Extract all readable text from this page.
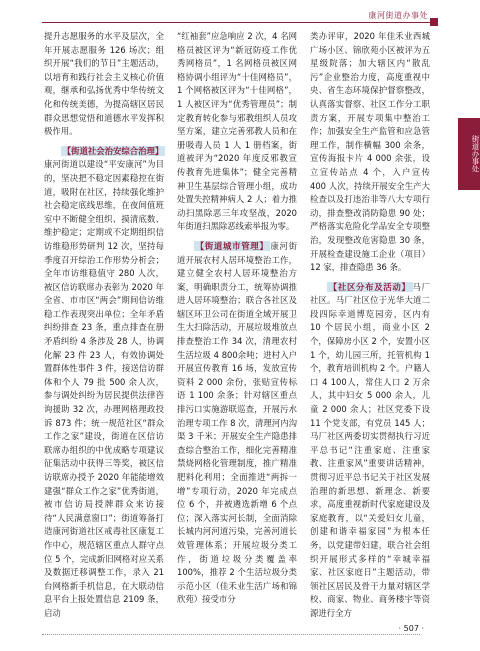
康河街道办事处
街道办事处

提升志愿服务的水平及层次，全年开展志愿服务 126 场次；组织开展“我们的节日”主题活动，以培育和践行社会主义核心价值观，继承和弘扬优秀中华传统文化和传统美德，为提高辖区居民群众思想觉悟和道德水平发挥积极作用。

【街道社会治安综合治理】康河街道以建设“平安康河”为目的，坚决把不稳定因素稳控在街道，吸附在社区，持续强化维护社会稳定底线思维，在夜间值班室中不断健全组织、摸清底数、维护稳定；定期或不定期组织信访维稳形势研判 12 次，坚持每季度召开综治工作形势分析会；全年市访维稳值守 280 人次，被区信访联席办表彰为 2020 年全省、市市区“两会”期间信访维稳工作表现突出单位；全年矛盾纠纷排查 23 条，重点排查在册矛盾纠纷 4 条涉及 28 人，协调化解 23 件 23 人，有效协调处置群体性事件 3 件，接送信访群体和个人 79 批 500 余人次，参与调处纠纷为居民提供法律咨询援助 32 次，办理网格理政投诉 873 件；统一规范社区“群众工作之家”建设，街道在区信访联席办组织的中优成略专项建议征集活动中获得三等奖，被区信访联席办授予 2020 年能能增效建强“群众工作之家”优秀街道，被市信访局授牌群众来访接待“人民满意窗口”；街道筹备打造康河街道社区戒毒社区康复工作中心，规范辖区重点人群守点位 5 个，完成新旧网格对应关系及数据迁移调整工作，录入 21 台网格新手机信息，在大联动信息平台上报处置信息 2109 条，启动

“红袖套”应急响应 2 次，4 名网格员被区评为“新冠防疫工作优秀网格员”，1 名网格员被区网格协调小组评为“十佳网格员”，1 个网格被区评为“十佳网格”，1 人被区评为“优秀管理员”；制定教育转化参与邪教组织人员攻坚方案，建立完善邪教人员和在册吸毒人员 1 人 1 册档案，街道被评为“2020 年度反邪教宣传教育先进集体”；健全完善精神卫生基层综合管理小组，成功处置失控精神病人 2 人；着力推动扫黑除恶三年攻坚战，2020 年街道扫黑除恶线索举报为零。

【街道城市管理】 康河街道开展农村人居环境整治工作，建立健全农村人居环境整治方案，明确职责分工，统筹协调推进人居环境整治；联合各社区及辖区环卫公司在街道全域开展卫生大扫除活动，开展垃圾堆放点排查整治工作 34 次，清理农村生活垃圾 4 800余吨；进村入户开展宣传教育 16 场，发放宣传资料 2 000 余份，张贴宣传标语 1 100 余条；针对辖区重点排污口实施游联巡查，开展污水治理专项工作 8 次，清理河内沟渠 3 千米；开展安全生产隐患排查综合整治工作，细化完善精准禁烧网格化管理制度，推广精准肥料化利用；全面推进“两拆一增”专项行动，2020 年完成点位 6 个，并被遴选新增 6 个点位；深入落实河长制，全面消除长城内河河道污染，完善河道长效管理体系；开展垃圾分类工作，街道垃圾分类覆盖率 100%，推荐 2 个生活垃圾分类示范小区（佳禾业生活广场和锦欣苑）接受市分

类办评审，2020 年佳禾业西城广场小区、锦欣苑小区被评为五星级院落；加大辖区内“散乱污”企业整治力度，高度重视中央、省生态环境保护督察整改，认真落实督察、社区工作分工职责方案，开展专项集中整治工作；加强安全生产监管和应急管理工作，制作横幅 300 余条，宣传海报卡片 4 000 余张，设立宣传站点 4 个，入户宣传 400 人次，持续开展安全生产大检查以及打违治非等八大专项行动，排查整改消防隐患 90 处；严格落实危险化学品安全专项整治，发现整改危害隐患 30 条，开展检查建设施工企业（项目）12 家，排查隐患 36 条。

【社区分布及活动】 马厂社区。马厂社区位于光华大道二段四际幸道博览园旁，区内有 10 个居民小组，商业小区 2 个，保障房小区 2 个，安置小区 1 个，幼儿园三所，托管机构 1 个，教育培训机构 2 个。户籍人口 4 100人，常住人口 2 万余人，其中妇女 5 000 余人，儿童 2 000 余人；社区党委下设 11 个党支部，有党员 145 人；马厂社区两委切实贯彻执行习近平总书记“注重家庭、注重家教、注重家风”重要讲话精神，贯彻习近平总书记关于社区发展治理的新思想、新理念、新要求，高度重视新时代家庭建设及家庭教育，以“关爱妇女儿童，创建和谐幸福家园”为根本任务，以党建带妇建，联合社会组织开展形式多样的“幸城幸福家、社区家庭日”主题活动，带领社区居民及骨干力量对辖区学校、商家、物业、商务楼宇等资源进行全方

· 507 ·
